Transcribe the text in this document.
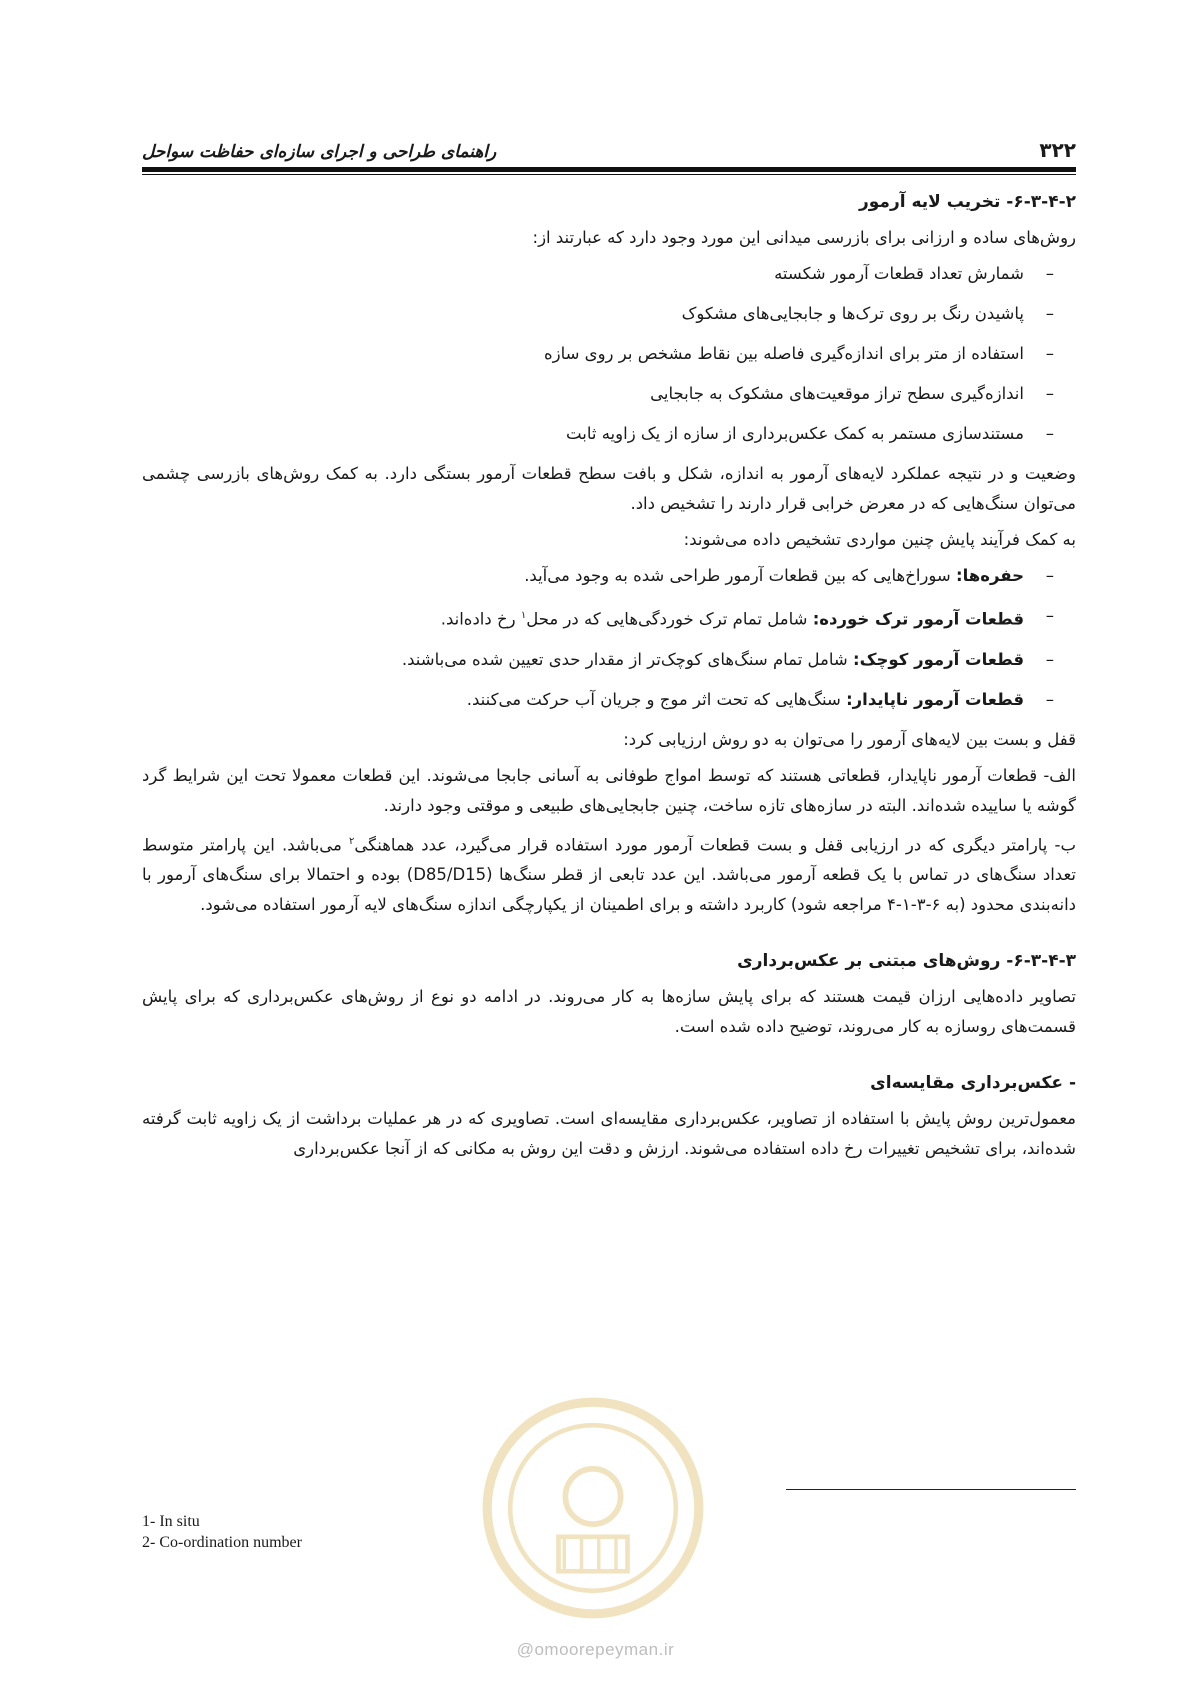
۳۲۲
راهنمای طراحی و اجرای سازه‌ای حفاظت سواحل
۶-۳-۴-۲- تخریب لایه آرمور
روش‌های ساده و ارزانی برای بازرسی میدانی این مورد وجود دارد که عبارتند از:
–
شمارش تعداد قطعات آرمور شکسته
–
پاشیدن رنگ بر روی ترک‌ها و جابجایی‌های مشکوک
–
استفاده از متر برای اندازه‌گیری فاصله بین نقاط مشخص بر روی سازه
–
اندازه‌گیری سطح تراز موقعیت‌های مشکوک به جابجایی
–
مستندسازی مستمر به کمک عکس‌برداری از سازه از یک زاویه ثابت
وضعیت و در نتیجه عملکرد لایه‌های آرمور به اندازه، شکل و بافت سطح قطعات آرمور بستگی دارد. به کمک روش‌های بازرسی چشمی می‌توان سنگ‌هایی که در معرض خرابی قرار دارند را تشخیص داد.
به کمک فرآیند پایش چنین مواردی تشخیص داده می‌شوند:
–
حفره‌ها: سوراخ‌هایی که بین قطعات آرمور طراحی شده به وجود می‌آید.
–
قطعات آرمور ترک خورده: شامل تمام ترک خوردگی‌هایی که در محل$^۱$ رخ داده‌اند.
–
قطعات آرمور کوچک: شامل تمام سنگ‌های کوچک‌تر از مقدار حدی تعیین شده می‌باشند.
–
قطعات آرمور ناپایدار: سنگ‌هایی که تحت اثر موج و جریان آب حرکت می‌کنند.
قفل و بست بین لایه‌های آرمور را می‌توان به دو روش ارزیابی کرد:
الف- قطعات آرمور ناپایدار، قطعاتی هستند که توسط امواج طوفانی به آسانی جابجا می‌شوند. این قطعات معمولا تحت این شرایط گرد گوشه یا ساییده شده‌اند. البته در سازه‌های تازه ساخت، چنین جابجایی‌های طبیعی و موقتی وجود دارند.
ب- پارامتر دیگری که در ارزیابی قفل و بست قطعات آرمور مورد استفاده قرار می‌گیرد، عدد هماهنگی$^۲$ می‌باشد. این پارامتر متوسط تعداد سنگ‌های در تماس با یک قطعه آرمور می‌باشد. این عدد تابعی از قطر سنگ‌ها (D85/D15) بوده و احتمالا برای سنگ‌های آرمور با دانه‌بندی محدود (به ۶-۳-۱-۴ مراجعه شود) کاربرد داشته و برای اطمینان از یکپارچگی اندازه سنگ‌های لایه آرمور استفاده می‌شود.
۶-۳-۴-۳- روش‌های مبتنی بر عکس‌برداری
تصاویر داده‌هایی ارزان قیمت هستند که برای پایش سازه‌ها به کار می‌روند. در ادامه دو نوع از روش‌های عکس‌برداری که برای پایش قسمت‌های روسازه به کار می‌روند، توضیح داده شده است.
- عکس‌برداری مقایسه‌ای
معمول‌ترین روش پایش با استفاده از تصاویر، عکس‌برداری مقایسه‌ای است. تصاویری که در هر عملیات برداشت از یک زاویه ثابت گرفته شده‌اند، برای تشخیص تغییرات رخ داده استفاده می‌شوند. ارزش و دقت این روش به مکانی که از آنجا عکس‌برداری
1- In situ
2- Co-ordination number
@omoorepeyman.ir
